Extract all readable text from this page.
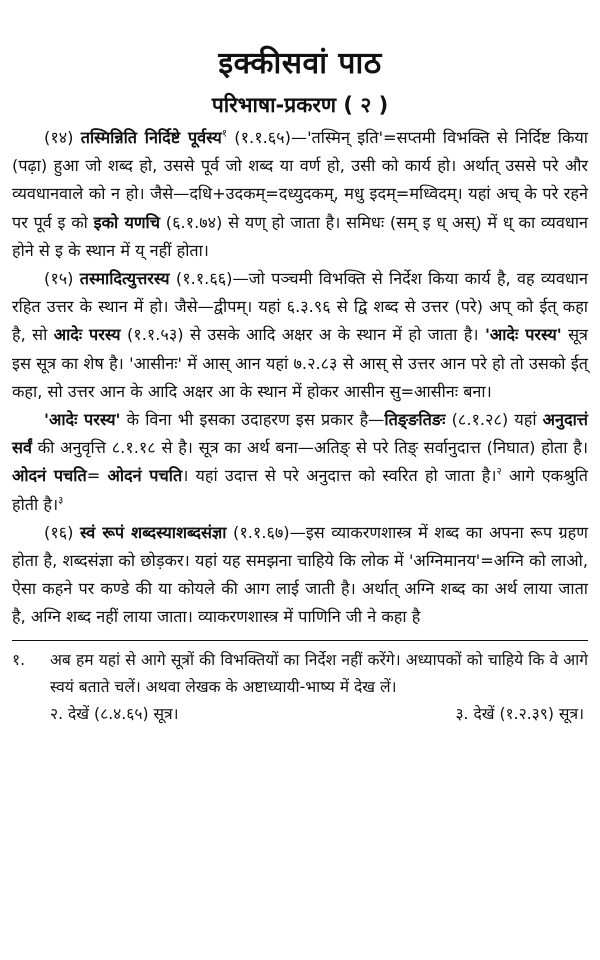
इक्कीसवां पाठ
परिभाषा-प्रकरण ( २ )

(१४) तस्मिन्निति निर्दिष्टे पूर्वस्य$^१$ (१.१.६५)—'तस्मिन् इति'=सप्तमी विभक्ति से निर्दिष्ट किया (पढ़ा) हुआ जो शब्द हो, उससे पूर्व जो शब्द या वर्ण हो, उसी को कार्य हो। अर्थात् उससे परे और व्यवधानवाले को न हो। जैसे—दधि+उदकम्=दध्युदकम्, मधु इदम्=मध्विदम्। यहां अच् के परे रहने पर पूर्व इ को इको यणचि (६.१.७४) से यण् हो जाता है। समिधः (सम् इ ध् अस्) में ध् का व्यवधान होने से इ के स्थान में य् नहीं होता।

(१५) तस्मादित्युत्तरस्य (१.१.६६)—जो पञ्चमी विभक्ति से निर्देश किया कार्य है, वह व्यवधान रहित उत्तर के स्थान में हो। जैसे—द्वीपम्। यहां ६.३.९६ से द्वि शब्द से उत्तर (परे) अप् को ईत् कहा है, सो आदेः परस्य (१.१.५३) से उसके आदि अक्षर अ के स्थान में हो जाता है। 'आदेः परस्य' सूत्र इस सूत्र का शेष है। 'आसीनः' में आस् आन यहां ७.२.८३ से आस् से उत्तर आन परे हो तो उसको ईत् कहा, सो उत्तर आन के आदि अक्षर आ के स्थान में होकर आसीन सु=आसीनः बना।

'आदेः परस्य' के विना भी इसका उदाहरण इस प्रकार है—तिङ्ङतिङः (८.१.२८) यहां अनुदात्तं सर्वं की अनुवृत्ति ८.१.१८ से है। सूत्र का अर्थ बना—अतिङ् से परे तिङ् सर्वानुदात्त (निघात) होता है। ओदनं पचति= ओदनं पचति। यहां उदात्त से परे अनुदात्त को स्वरित हो जाता है।$^२$ आगे एकश्रुति होती है।$^३$

(१६) स्वं रूपं शब्दस्याशब्दसंज्ञा (१.१.६७)—इस व्याकरणशास्त्र में शब्द का अपना रूप ग्रहण होता है, शब्दसंज्ञा को छोड़कर। यहां यह समझना चाहिये कि लोक में 'अग्निमानय'=अग्नि को लाओ, ऐसा कहने पर कण्डे की या कोयले की आग लाई जाती है। अर्थात् अग्नि शब्द का अर्थ लाया जाता है, अग्नि शब्द नहीं लाया जाता। व्याकरणशास्त्र में पाणिनि जी ने कहा है

१.	अब हम यहां से आगे सूत्रों की विभक्तियों का निर्देश नहीं करेंगे। अध्यापकों को चाहिये कि वे आगे स्वयं बताते चलें। अथवा लेखक के अष्टाध्यायी-भाष्य में देख लें।
२. देखें (८.४.६५) सूत्र।	३. देखें (१.२.३९) सूत्र।
